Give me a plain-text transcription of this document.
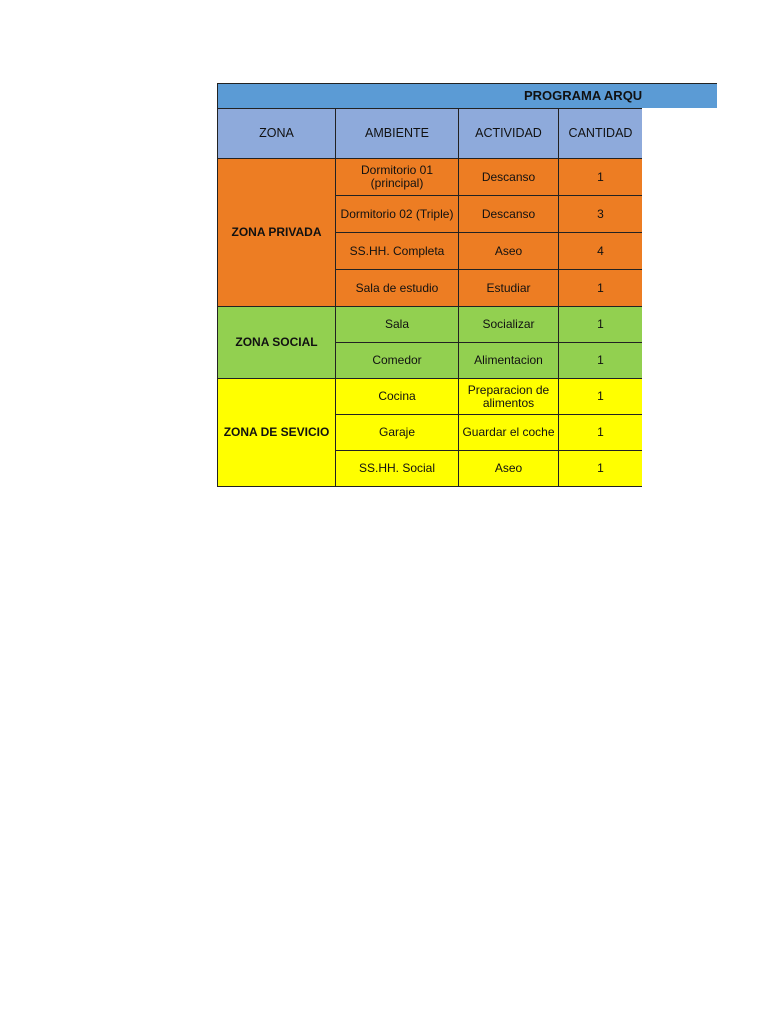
PROGRAMA ARQU
ZONA	AMBIENTE	ACTIVIDAD	CANTIDAD
ZONA PRIVADA	Dormitorio 01 (principal)	Descanso	1
	Dormitorio 02 (Triple)	Descanso	3
	SS.HH. Completa	Aseo	4
	Sala de estudio	Estudiar	1
ZONA SOCIAL	Sala	Socializar	1
	Comedor	Alimentacion	1
ZONA DE SEVICIO	Cocina	Preparacion de alimentos	1
	Garaje	Guardar el coche	1
	SS.HH. Social	Aseo	1
